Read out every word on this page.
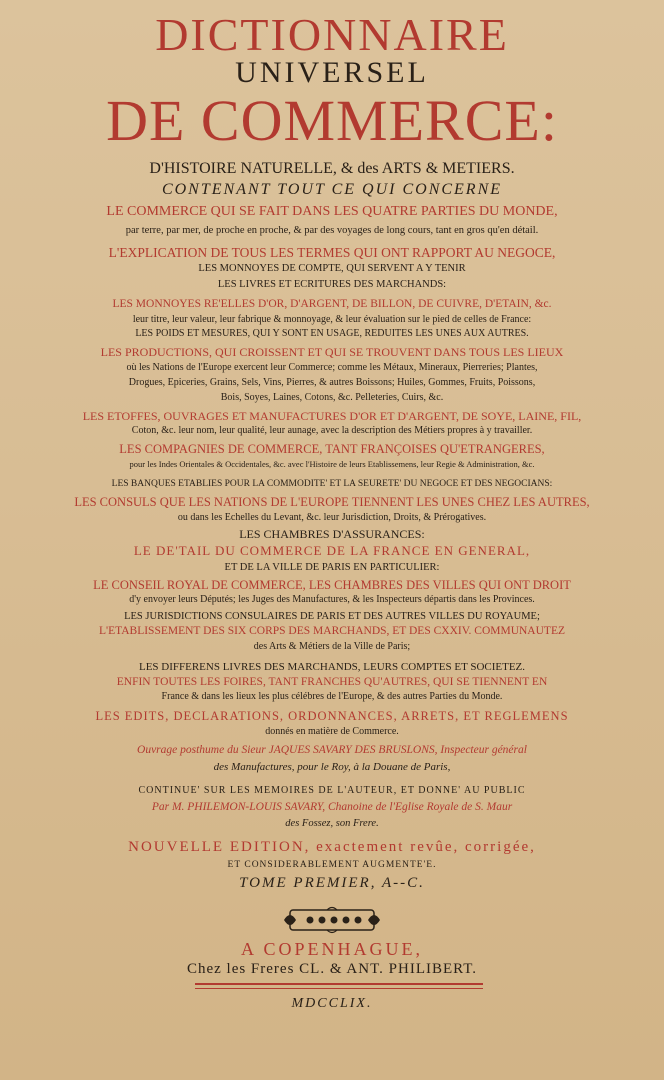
DICTIONNAIRE
UNIVERSEL
DE COMMERCE:
D'HISTOIRE NATURELLE, & des ARTS & METIERS.
CONTENANT TOUT CE QUI CONCERNE
LE COMMERCE QUI SE FAIT DANS LES QUATRE PARTIES DU MONDE,
par terre, par mer, de proche en proche, & par des voyages de long cours, tant en gros qu'en détail.
L'EXPLICATION DE TOUS LES TERMES QUI ONT RAPPORT AU NEGOCE,
LES MONNOYES DE COMPTE, QUI SERVENT A Y TENIR
LES LIVRES ET ECRITURES DES MARCHANDS:
LES MONNOYES RE'ELLES D'OR, D'ARGENT, DE BILLON, DE CUIVRE, D'ETAIN, &c.
leur titre, leur valeur, leur fabrique & monnoyage, & leur évaluation sur le pied de celles de France:
LES POIDS ET MESURES, QUI Y SONT EN USAGE, REDUITES LES UNES AUX AUTRES.
LES PRODUCTIONS, QUI CROISSENT ET QUI SE TROUVENT DANS TOUS LES LIEUX
où les Nations de l'Europe exercent leur Commerce; comme les Métaux, Mineraux, Pierreries; Plantes,
Drogues, Epiceries, Grains, Sels, Vins, Pierres, & autres Boissons; Huiles, Gommes, Fruits, Poissons,
Bois, Soyes, Laines, Cotons, &c. Pelleteries, Cuirs, &c.
LES ETOFFES, OUVRAGES ET MANUFACTURES D'OR ET D'ARGENT, DE SOYE, LAINE, FIL,
Coton, &c. leur nom, leur qualité, leur aunage, avec la description des Métiers propres à y travailler.
LES COMPAGNIES DE COMMERCE, TANT FRANÇOISES QU'ETRANGERES,
pour les Indes Orientales & Occidentales, &c. avec l'Histoire de leurs Etablissemens, leur Regie & Administration, &c.
LES BANQUES ETABLIES POUR LA COMMODITE' ET LA SEURETE' DU NEGOCE ET DES NEGOCIANS:
LES CONSULS QUE LES NATIONS DE L'EUROPE TIENNENT LES UNES CHEZ LES AUTRES,
ou dans les Echelles du Levant, &c. leur Jurisdiction, Droits, & Prérogatives.
LES CHAMBRES D'ASSURANCES:
LE DE'TAIL DU COMMERCE DE LA FRANCE EN GENERAL,
ET DE LA VILLE DE PARIS EN PARTICULIER:
LE CONSEIL ROYAL DE COMMERCE, LES CHAMBRES DES VILLES QUI ONT DROIT
d'y envoyer leurs Députés; les Juges des Manufactures, & les Inspecteurs départis dans les Provinces.
LES JURISDICTIONS CONSULAIRES DE PARIS ET DES AUTRES VILLES DU ROYAUME;
L'ETABLISSEMENT DES SIX CORPS DES MARCHANDS, ET DES CXXIV. COMMUNAUTEZ
des Arts & Métiers de la Ville de Paris;
LES DIFFERENS LIVRES DES MARCHANDS, LEURS COMPTES ET SOCIETEZ.
ENFIN TOUTES LES FOIRES, TANT FRANCHES QU'AUTRES, QUI SE TIENNENT EN
France & dans les lieux les plus célébres de l'Europe, & des autres Parties du Monde.
LES EDITS, DECLARATIONS, ORDONNANCES, ARRETS, ET REGLEMENS
donnés en matière de Commerce.
Ouvrage posthume du Sieur JAQUES SAVARY DES BRUSLONS, Inspecteur général
des Manufactures, pour le Roy, à la Douane de Paris,
CONTINUE' SUR LES MEMOIRES DE L'AUTEUR, ET DONNE' AU PUBLIC
Par M. PHILEMON-LOUIS SAVARY, Chanoine de l'Eglise Royale de S. Maur
des Fossez, son Frere.
NOUVELLE EDITION, exactement revûe, corrigée,
ET CONSIDERABLEMENT AUGMENTE'E.
TOME PREMIER, A--C.
A COPENHAGUE,
Chez les Freres CL. & ANT. PHILIBERT.
MDCCLIX.
